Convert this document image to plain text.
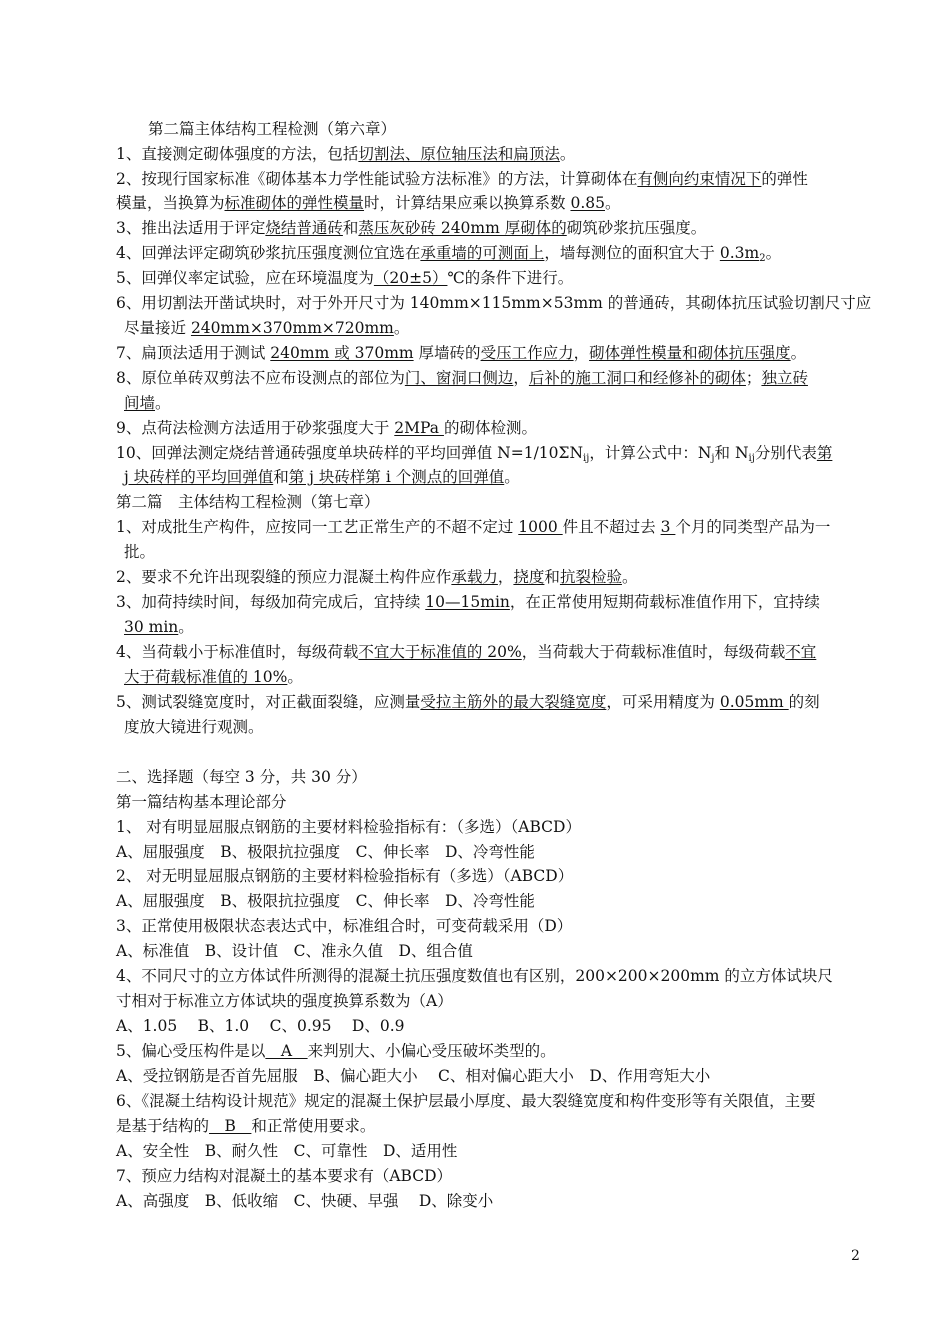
第二篇主体结构工程检测（第六章）
1、直接测定砌体强度的方法，包括切割法、原位轴压法和扁顶法。
2、按现行国家标准《砌体基本力学性能试验方法标准》的方法，计算砌体在有侧向约束情况下的弹性
模量，当换算为标准砌体的弹性模量时，计算结果应乘以换算系数 0.85。
3、推出法适用于评定烧结普通砖和蒸压灰砂砖 240mm 厚砌体的砌筑砂浆抗压强度。
4、回弹法评定砌筑砂浆抗压强度测位宜选在承重墙的可测面上，墙每测位的面积宜大于 $0.3m_2$。
5、回弹仪率定试验，应在环境温度为（20±5）℃的条件下进行。
6、用切割法开凿试块时，对于外开尺寸为 140mm×115mm×53mm 的普通砖，其砌体抗压试验切割尺寸应
尽量接近 240mm×370mm×720mm。
7、扁顶法适用于测试 240mm 或 370mm 厚墙砖的受压工作应力，砌体弹性模量和砌体抗压强度。
8、原位单砖双剪法不应布设测点的部位为门、窗洞口侧边，后补的施工洞口和经修补的砌体；独立砖
间墙。
9、点荷法检测方法适用于砂浆强度大于 2MPa 的砌体检测。
10、回弹法测定烧结普通砖强度单块砖样的平均回弹值 $N=1/10\Sigma N_{ij}$，计算公式中：$N_j$和 $N_{ij}$分别代表第
j 块砖样的平均回弹值和第 j 块砖样第 i 个测点的回弹值。
第二篇　主体结构工程检测（第七章）
1、对成批生产构件，应按同一工艺正常生产的不超不定过 1000 件且不超过去 3 个月的同类型产品为一
批。
2、要求不允许出现裂缝的预应力混凝土构件应作承载力，挠度和抗裂检验。
3、加荷持续时间，每级加荷完成后，宜持续 10—15min，在正常使用短期荷载标准值作用下，宜持续
30 min。
4、当荷载小于标准值时，每级荷载不宜大于标准值的 20%，当荷载大于荷载标准值时，每级荷载不宜
大于荷载标准值的 10%。
5、测试裂缝宽度时，对正截面裂缝，应测量受拉主筋外的最大裂缝宽度，可采用精度为 0.05mm 的刻
度放大镜进行观测。
二、选择题（每空 3 分，共 30 分）
第一篇结构基本理论部分
1、 对有明显屈服点钢筋的主要材料检验指标有：（多选）（ABCD）
A、屈服强度　B、极限抗拉强度　C、伸长率　D、冷弯性能
2、 对无明显屈服点钢筋的主要材料检验指标有（多选）（ABCD）
A、屈服强度　B、极限抗拉强度　C、伸长率　D、冷弯性能
3、正常使用极限状态表达式中，标准组合时，可变荷载采用（D）
A、标准值　B、设计值　C、准永久值　D、组合值
4、不同尺寸的立方体试件所测得的混凝土抗压强度数值也有区别，200×200×200mm 的立方体试块尺
寸相对于标准立方体试块的强度换算系数为（A）
A、1.05　 B、1.0　 C、0.95　 D、0.9
5、偏心受压构件是以　A　来判别大、小偏心受压破坏类型的。
A、受拉钢筋是否首先屈服　B、偏心距大小　 C、相对偏心距大小　D、作用弯矩大小
6、《混凝土结构设计规范》规定的混凝土保护层最小厚度、最大裂缝宽度和构件变形等有关限值，主要
是基于结构的　B　和正常使用要求。
A、安全性　B、耐久性　C、可靠性　D、适用性
7、预应力结构对混凝土的基本要求有（ABCD）
A、高强度　B、低收缩　C、快硬、早强　 D、除变小
2
